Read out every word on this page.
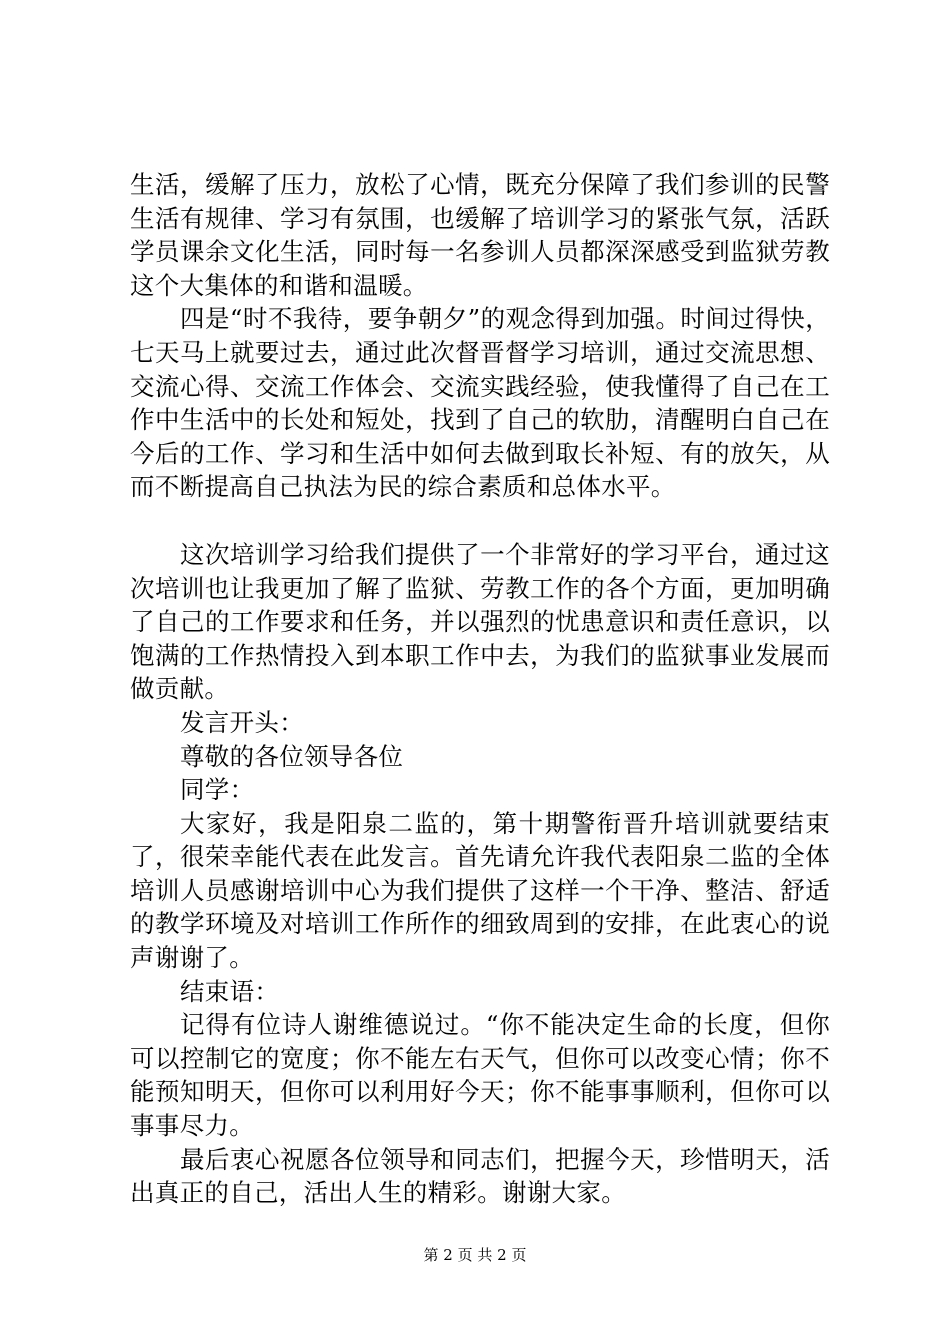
生活，缓解了压力，放松了心情，既充分保障了我们参训的民警生活有规律、学习有氛围，也缓解了培训学习的紧张气氛，活跃学员课余文化生活，同时每一名参训人员都深深感受到监狱劳教这个大集体的和谐和温暖。

四是“时不我待，要争朝夕”的观念得到加强。时间过得快，七天马上就要过去，通过此次督晋督学习培训，通过交流思想、交流心得、交流工作体会、交流实践经验，使我懂得了自己在工作中生活中的长处和短处，找到了自己的软肋，清醒明白自己在今后的工作、学习和生活中如何去做到取长补短、有的放矢，从而不断提高自己执法为民的综合素质和总体水平。

这次培训学习给我们提供了一个非常好的学习平台，通过这次培训也让我更加了解了监狱、劳教工作的各个方面，更加明确了自己的工作要求和任务，并以强烈的忧患意识和责任意识，以饱满的工作热情投入到本职工作中去，为我们的监狱事业发展而做贡献。

发言开头：

尊敬的各位领导各位

同学：

大家好，我是阳泉二监的，第十期警衔晋升培训就要结束了，很荣幸能代表在此发言。首先请允许我代表阳泉二监的全体培训人员感谢培训中心为我们提供了这样一个干净、整洁、舒适的教学环境及对培训工作所作的细致周到的安排，在此衷心的说声谢谢了。

结束语：

记得有位诗人谢维德说过。“你不能决定生命的长度，但你可以控制它的宽度；你不能左右天气，但你可以改变心情；你不能预知明天，但你可以利用好今天；你不能事事顺利，但你可以事事尽力。

最后衷心祝愿各位领导和同志们，把握今天，珍惜明天，活出真正的自己，活出人生的精彩。谢谢大家。

第 2 页 共 2 页
